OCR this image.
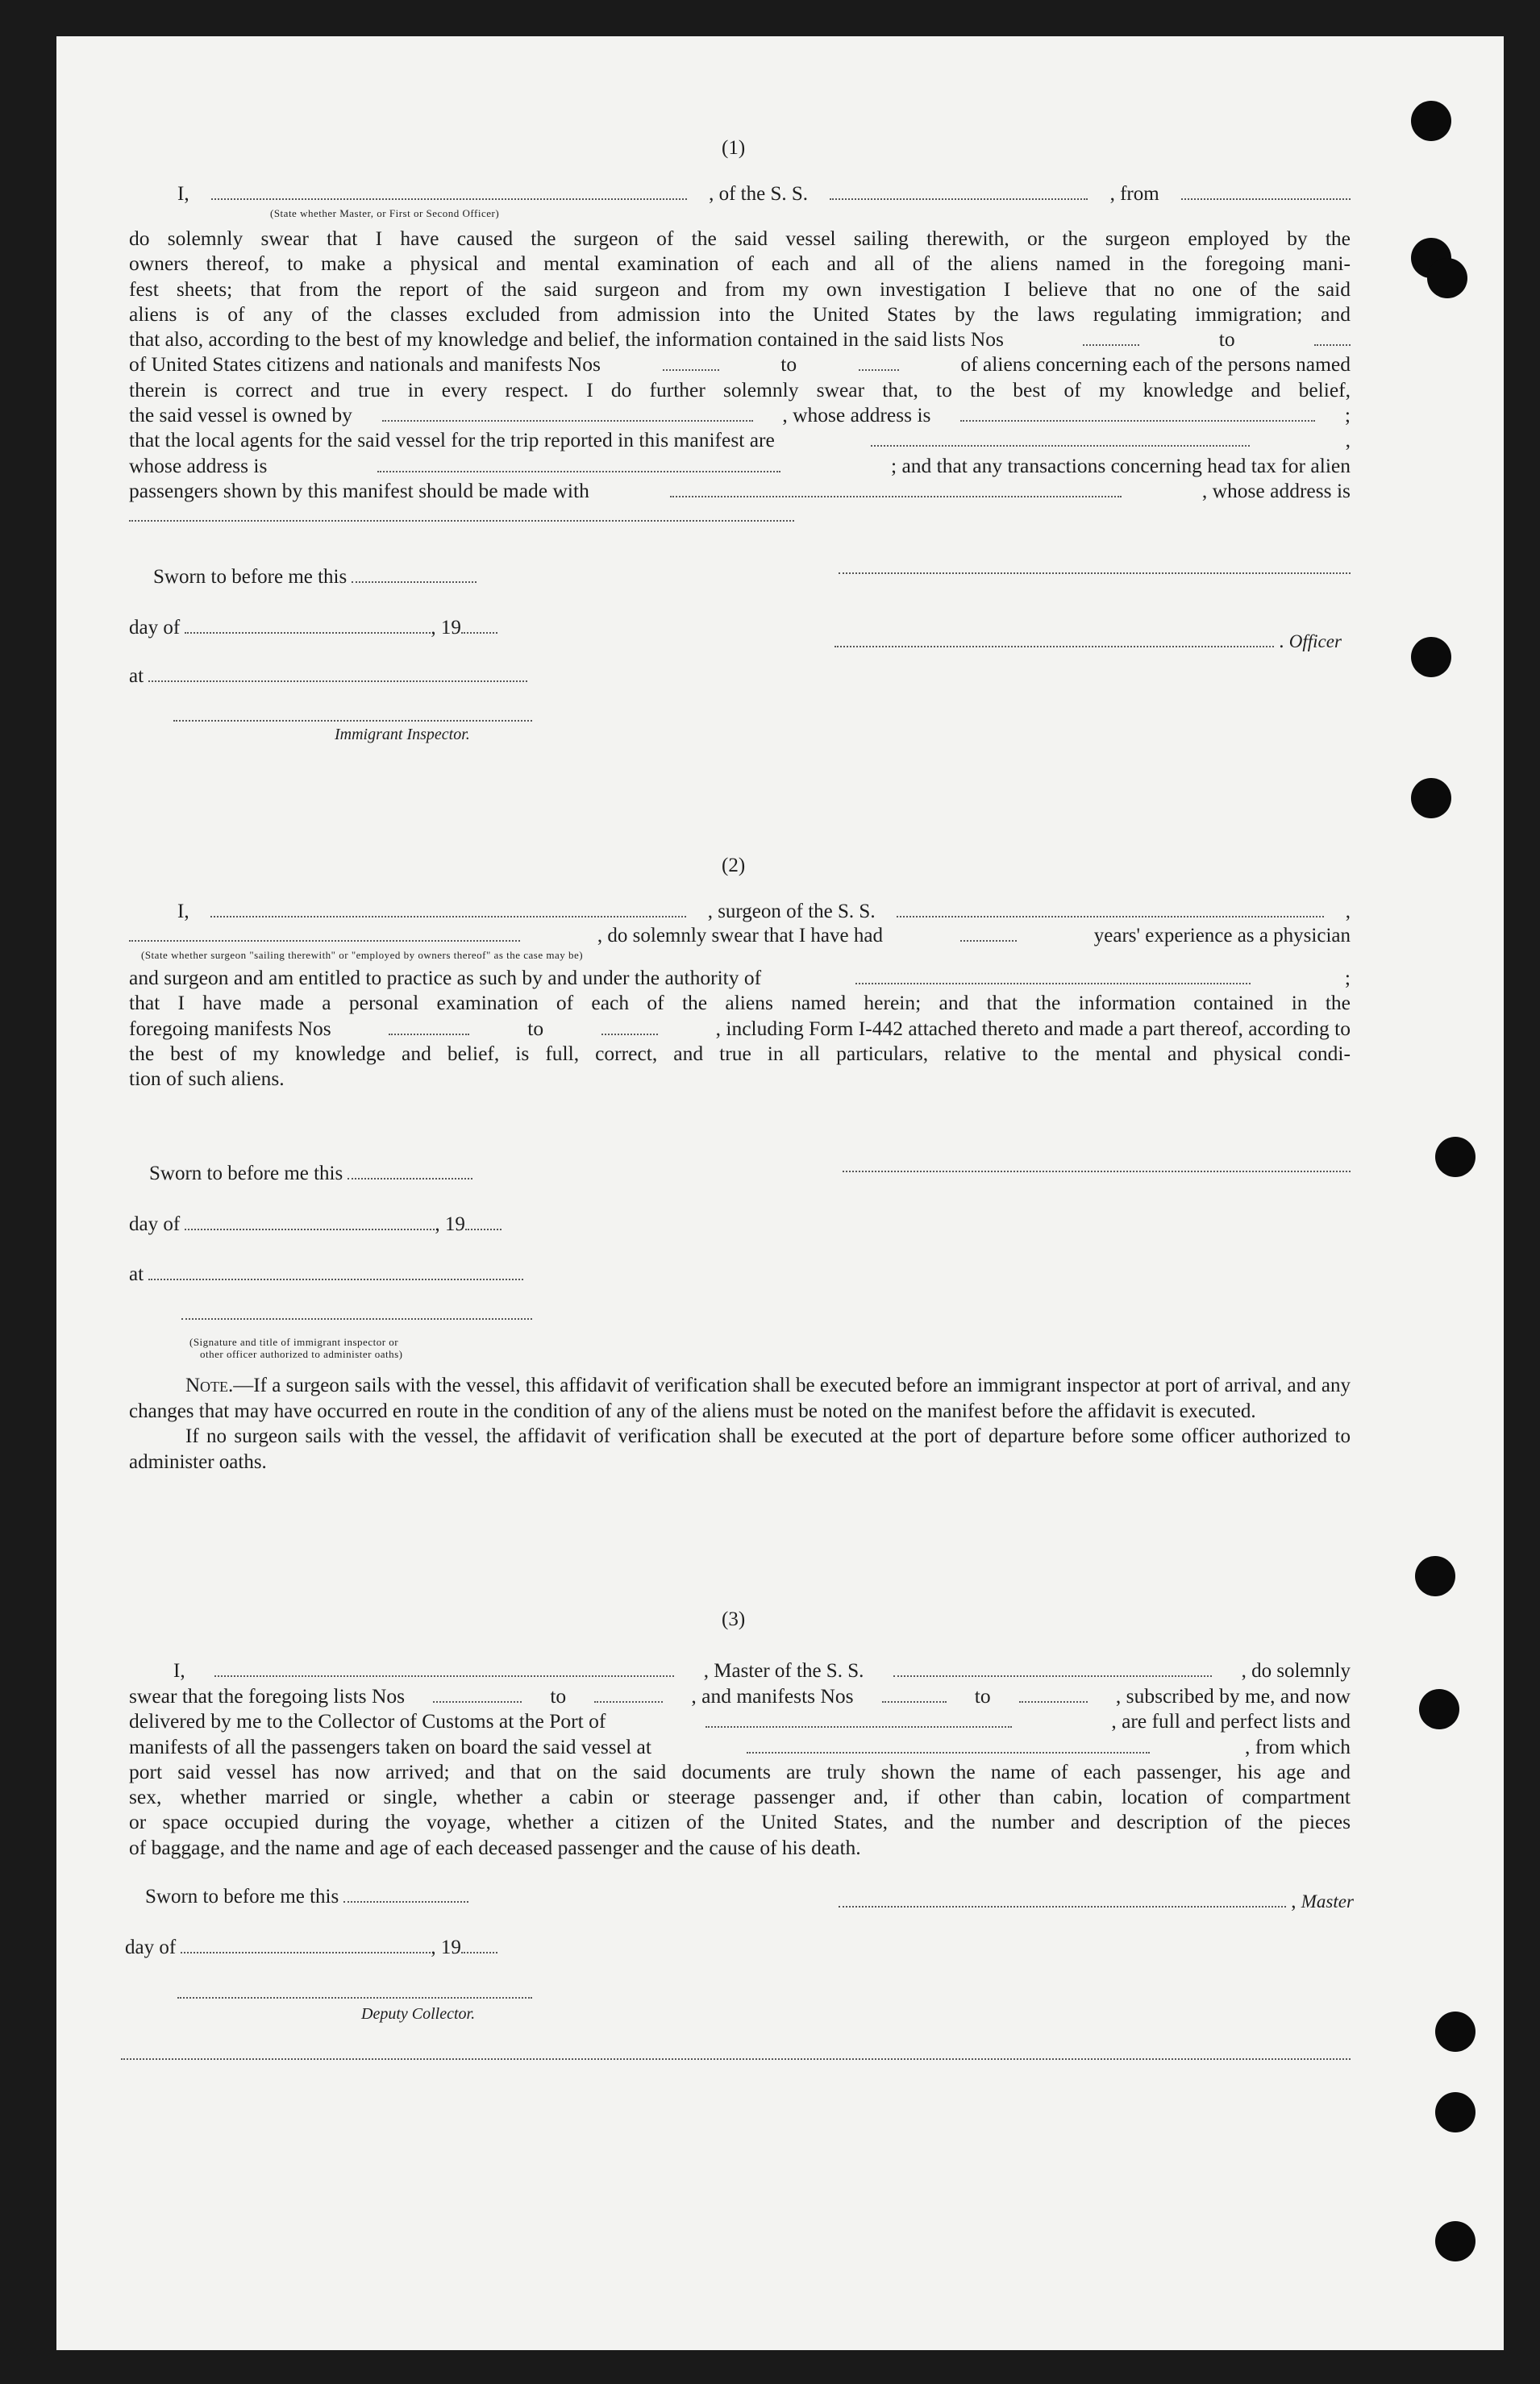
(1)
I,	, of the S. S.	, from
(State whether Master, or First or Second Officer)
do solemnly swear that I have caused the surgeon of the said vessel sailing therewith, or the surgeon employed by the
owners thereof, to make a physical and mental examination of each and all of the aliens named in the foregoing mani-
fest sheets; that from the report of the said surgeon and from my own investigation I believe that no one of the said
aliens is of any of the classes excluded from admission into the United States by the laws regulating immigration; and
that also, according to the best of my knowledge and belief, the information contained in the said lists Nos	to
of United States citizens and nationals and manifests Nos	to	of aliens concerning each of the persons named
therein is correct and true in every respect. I do further solemnly swear that, to the best of my knowledge and belief,
the said vessel is owned by	, whose address is	;
that the local agents for the said vessel for the trip reported in this manifest are	,
whose address is	; and that any transactions concerning head tax for alien
passengers shown by this manifest should be made with	, whose address is
Sworn to before me this
day of	, 19
. Officer
at
Immigrant Inspector.
(2)
I,	, surgeon of the S. S.	,
, do solemnly swear that I have had	years' experience as a physician
(State whether surgeon "sailing therewith" or "employed by owners thereof" as the case may be)
and surgeon and am entitled to practice as such by and under the authority of	;
that I have made a personal examination of each of the aliens named herein; and that the information contained in the
foregoing manifests Nos	to	, including Form I-442 attached thereto and made a part thereof, according to
the best of my knowledge and belief, is full, correct, and true in all particulars, relative to the mental and physical condi-
tion of such aliens.
Sworn to before me this
day of	, 19
at
(Signature and title of immigrant inspector or
other officer authorized to administer oaths)

Note.—If a surgeon sails with the vessel, this affidavit of verification shall be executed before an immigrant inspector at port of arrival, and any changes that may have occurred en route in the condition of any of the aliens must be noted on the manifest before the affidavit is executed.

If no surgeon sails with the vessel, the affidavit of verification shall be executed at the port of departure before some officer authorized to administer oaths.

(3)
I,	, Master of the S. S.	, do solemnly
swear that the foregoing lists Nos	to	, and manifests Nos	to	, subscribed by me, and now
delivered by me to the Collector of Customs at the Port of	, are full and perfect lists and
manifests of all the passengers taken on board the said vessel at	, from which
port said vessel has now arrived; and that on the said documents are truly shown the name of each passenger, his age and
sex, whether married or single, whether a cabin or steerage passenger and, if other than cabin, location of compartment
or space occupied during the voyage, whether a citizen of the United States, and the number and description of the pieces
of baggage, and the name and age of each deceased passenger and the cause of his death.
Sworn to before me this	, Master
day of	, 19
Deputy Collector.
